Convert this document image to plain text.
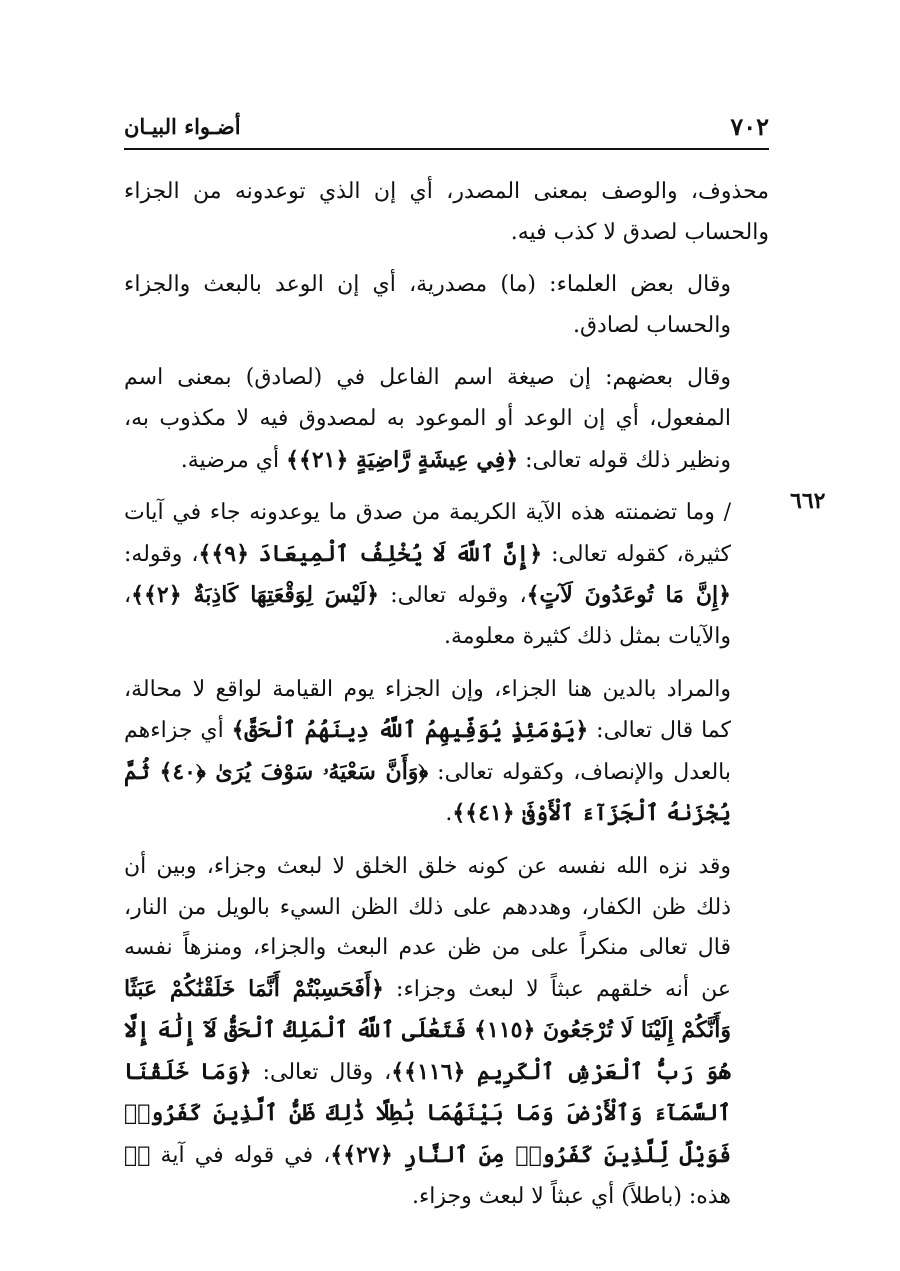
٧٠٢
أضـواء البيـان
٦٦٢

محذوف، والوصف بمعنى المصدر، أي إن الذي توعدونه من الجزاء والحساب لصدق لا كذب فيه.

وقال بعض العلماء: (ما) مصدرية، أي إن الوعد بالبعث والجزاء والحساب لصادق.

وقال بعضهم: إن صيغة اسم الفاعل في (لصادق) بمعنى اسم المفعول، أي إن الوعد أو الموعود به لمصدوق فيه لا مكذوب به، ونظير ذلك قوله تعالى: ﴿فِي عِيشَةٍ رَّاضِيَةٍ ﴿٢١﴾﴾ أي مرضية.

/ وما تضمنته هذه الآية الكريمة من صدق ما يوعدونه جاء في آيات كثيرة، كقوله تعالى: ﴿إِنَّ ٱللَّهَ لَا يُخْلِفُ ٱلْمِيعَادَ ﴿٩﴾﴾، وقوله: ﴿إِنَّ مَا تُوعَدُونَ لَآتٍ﴾، وقوله تعالى: ﴿لَيْسَ لِوَقْعَتِهَا كَاذِبَةٌ ﴿٢﴾﴾، والآيات بمثل ذلك كثيرة معلومة.

والمراد بالدين هنا الجزاء، وإن الجزاء يوم القيامة لواقع لا محالة، كما قال تعالى: ﴿يَوْمَئِذٍ يُوَفِّيهِمُ ٱللَّهُ دِينَهُمُ ٱلْحَقَّ﴾ أي جزاءهم بالعدل والإنصاف، وكقوله تعالى: ﴿وَأَنَّ سَعْيَهُۥ سَوْفَ يُرَىٰ ﴿٤٠﴾ ثُمَّ يُجْزَىٰهُ ٱلْجَزَآءَ ٱلْأَوْفَىٰ ﴿٤١﴾﴾.

وقد نزه الله نفسه عن كونه خلق الخلق لا لبعث وجزاء، وبين أن ذلك ظن الكفار، وهددهم على ذلك الظن السيء بالويل من النار، قال تعالى منكراً على من ظن عدم البعث والجزاء، ومنزهاً نفسه عن أنه خلقهم عبثاً لا لبعث وجزاء: ﴿أَفَحَسِبْتُمْ أَنَّمَا خَلَقْنَٰكُمْ عَبَثًا وَأَنَّكُمْ إِلَيْنَا لَا تُرْجَعُونَ ﴿١١٥﴾ فَتَعَٰلَى ٱللَّهُ ٱلْمَلِكُ ٱلْحَقُّ لَآ إِلَٰهَ إِلَّا هُوَ رَبُّ ٱلْعَرْشِ ٱلْكَرِيمِ ﴿١١٦﴾﴾، وقال تعالى: ﴿وَمَا خَلَقْنَا ٱلسَّمَآءَ وَٱلْأَرْضَ وَمَا بَيْنَهُمَا بَٰطِلًا ذَٰلِكَ ظَنُّ ٱلَّذِينَ كَفَرُوا۟ فَوَيْلٌ لِّلَّذِينَ كَفَرُوا۟ مِنَ ٱلنَّارِ ﴿٢٧﴾﴾، في قوله في آية صۤ هذه: (باطلاً) أي عبثاً لا لبعث وجزاء.
